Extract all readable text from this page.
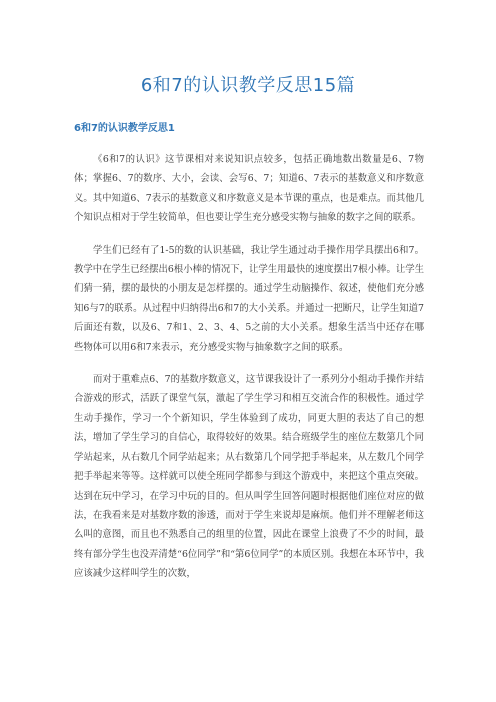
6和7的认识教学反思15篇
6和7的认识教学反思1

《6和7的认识》这节课相对来说知识点较多，包括正确地数出数量是6、7物体；掌握6、7的数序、大小，会读、会写6、7；知道6、7表示的基数意义和序数意义。其中知道6、7表示的基数意义和序数意义是本节课的重点，也是难点。而其他几个知识点相对于学生较简单，但也要让学生充分感受实物与抽象的数字之间的联系。

学生们已经有了1-5的数的认识基础，我让学生通过动手操作用学具摆出6和7。教学中在学生已经摆出6根小棒的情况下，让学生用最快的速度摆出7根小棒。让学生们猜一猜，摆的最快的小朋友是怎样摆的。通过学生动脑操作、叙述，使他们充分感知6与7的联系。从过程中归纳得出6和7的大小关系。并通过一把断尺，让学生知道7后面还有数，以及6、7和1、2、3、4、5之前的大小关系。想象生活当中还存在哪些物体可以用6和7来表示，充分感受实物与抽象数字之间的联系。

而对于重难点6、7的基数序数意义，这节课我设计了一系列分小组动手操作并结合游戏的形式，活跃了课堂气氛，激起了学生学习和相互交流合作的积极性。通过学生动手操作，学习一个个新知识，学生体验到了成功，同更大胆的表达了自己的想法，增加了学生学习的自信心，取得较好的效果。结合班级学生的座位左数第几个同学站起来，从右数几个同学站起来；从右数第几个同学把手举起来，从左数几个同学把手举起来等等。这样就可以使全班同学都参与到这个游戏中，来把这个重点突破。达到在玩中学习，在学习中玩的目的。但从叫学生回答问题时根据他们座位对应的做法，在我看来是对基数序数的渗透，而对于学生来说却是麻烦。他们并不理解老师这么叫的意图，而且也不熟悉自己的组里的位置，因此在课堂上浪费了不少的时间，最终有部分学生也没弄清楚“6位同学”和“第6位同学”的本质区别。我想在本环节中，我应该减少这样叫学生的次数，
